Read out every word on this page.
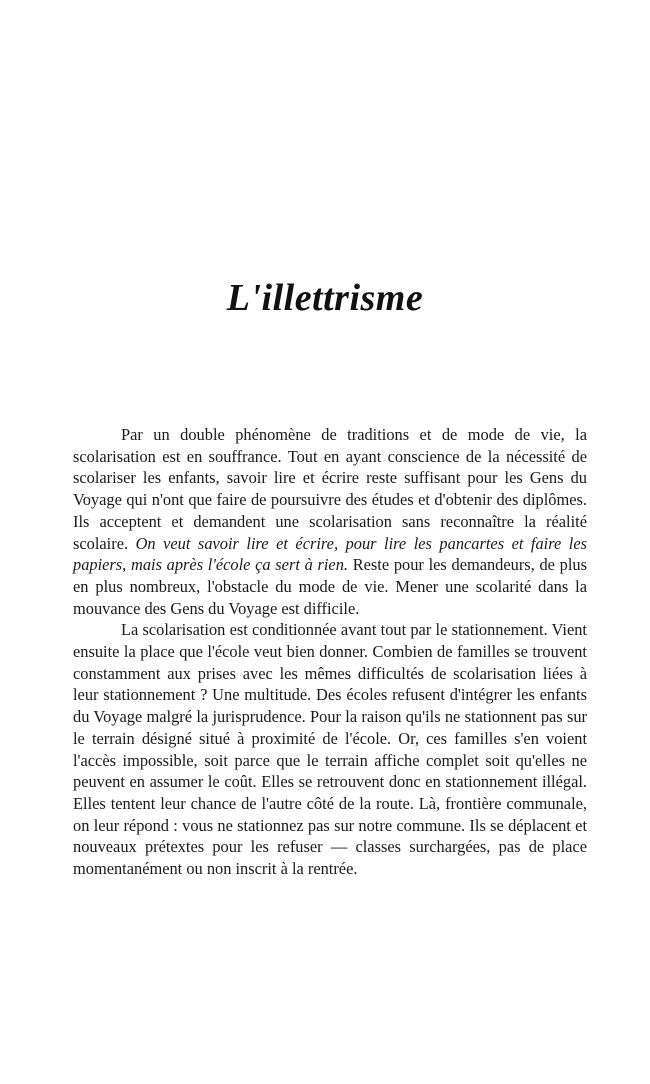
L'illettrisme

Par un double phénomène de traditions et de mode de vie, la scolarisation est en souffrance. Tout en ayant conscience de la nécessité de scolariser les enfants, savoir lire et écrire reste suffisant pour les Gens du Voyage qui n'ont que faire de poursuivre des études et d'obtenir des diplômes. Ils acceptent et demandent une scolarisation sans reconnaître la réalité scolaire. On veut savoir lire et écrire, pour lire les pancartes et faire les papiers, mais après l'école ça sert à rien. Reste pour les demandeurs, de plus en plus nombreux, l'obstacle du mode de vie. Mener une scolarité dans la mouvance des Gens du Voyage est difficile.

La scolarisation est conditionnée avant tout par le stationnement. Vient ensuite la place que l'école veut bien donner. Combien de familles se trouvent constamment aux prises avec les mêmes difficultés de scolarisation liées à leur stationnement ? Une multitude. Des écoles refusent d'intégrer les enfants du Voyage malgré la jurisprudence. Pour la raison qu'ils ne stationnent pas sur le terrain désigné situé à proximité de l'école. Or, ces familles s'en voient l'accès impossible, soit parce que le terrain affiche complet soit qu'elles ne peuvent en assumer le coût. Elles se retrouvent donc en stationnement illégal. Elles tentent leur chance de l'autre côté de la route. Là, frontière communale, on leur répond : vous ne stationnez pas sur notre commune. Ils se déplacent et nouveaux prétextes pour les refuser — classes surchargées, pas de place momentanément ou non inscrit à la rentrée.
